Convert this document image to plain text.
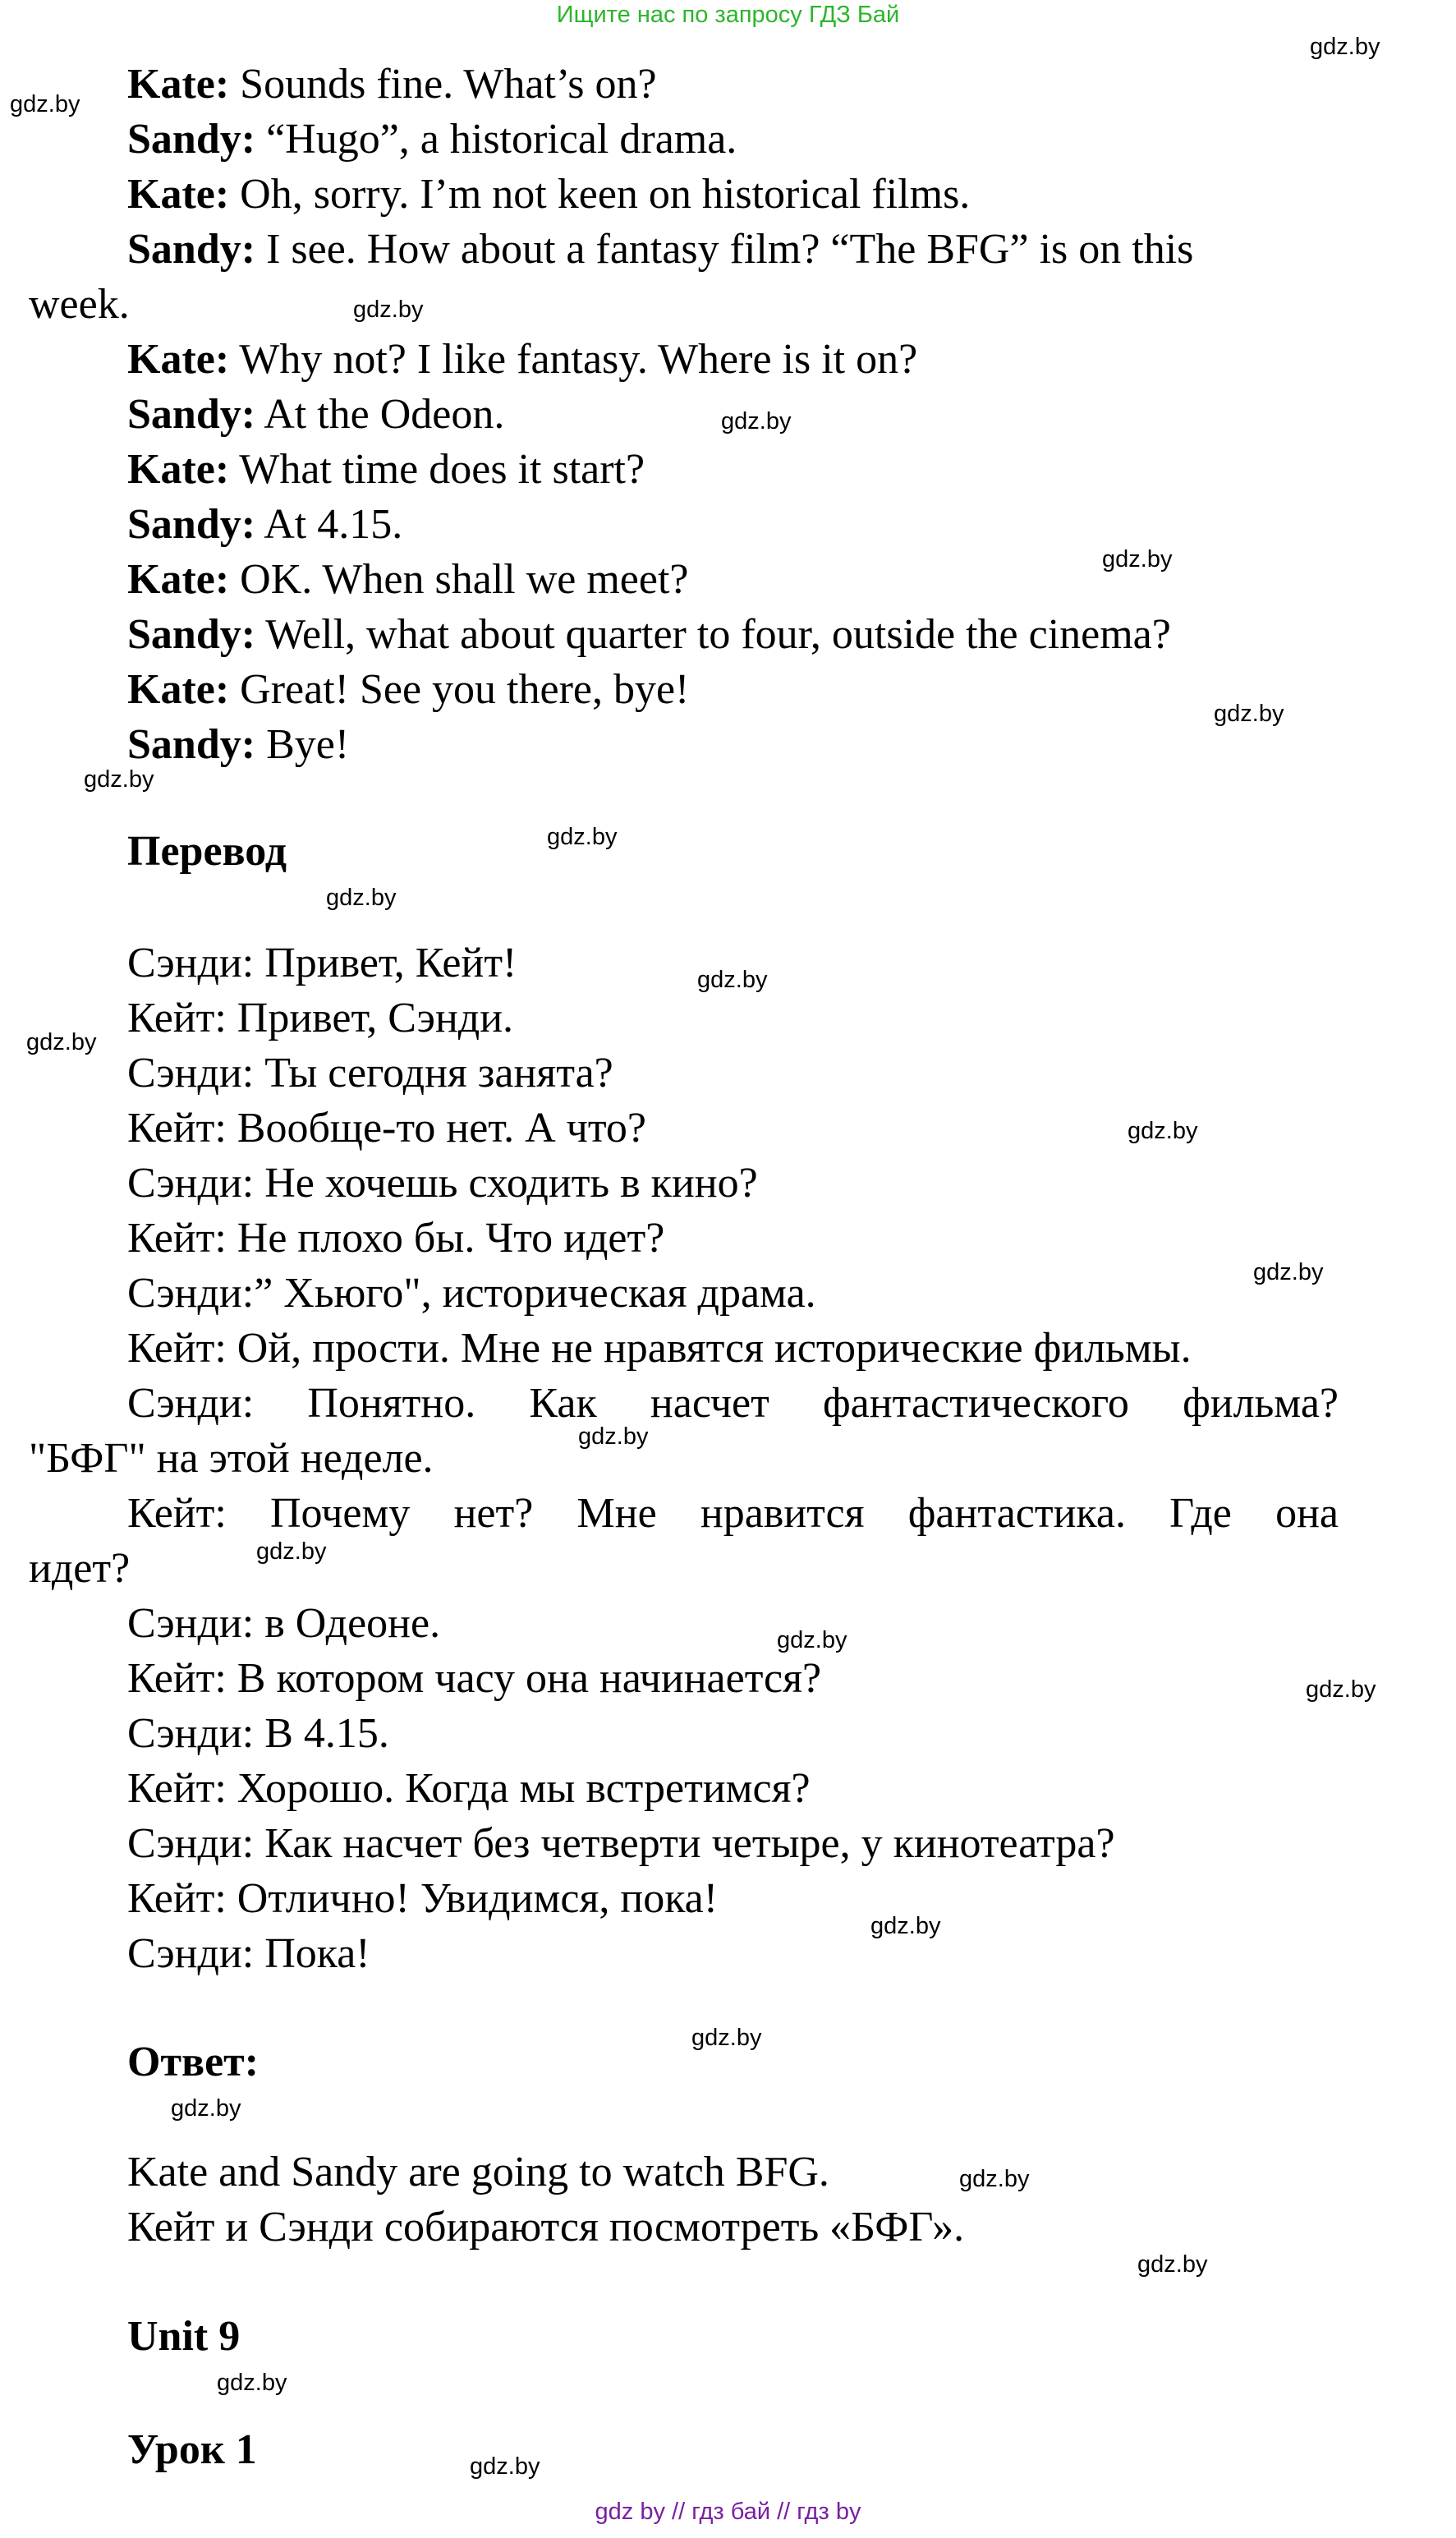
Ищите нас по запросу ГДЗ Бай
Kate: Sounds fine. What’s on?
Sandy: “Hugo”, a historical drama.
Kate: Oh, sorry. I’m not keen on historical films.
Sandy: I see. How about a fantasy film? “The BFG” is on this
week.
Kate: Why not? I like fantasy. Where is it on?
Sandy: At the Odeon.
Kate: What time does it start?
Sandy: At 4.15.
Kate: OK. When shall we meet?
Sandy: Well, what about quarter to four, outside the cinema?
Kate: Great! See you there, bye!
Sandy: Bye!
Перевод
Сэнди: Привет, Кейт!
Кейт: Привет, Сэнди.
Сэнди: Ты сегодня занята?
Кейт: Вообще-то нет. А что?
Сэнди: Не хочешь сходить в кино?
Кейт: Не плохо бы. Что идет?
Сэнди:” Хьюго", историческая драма.
Кейт: Ой, прости. Мне не нравятся исторические фильмы.
Сэнди: Понятно. Как насчет фантастического фильма?
"БФГ" на этой неделе.
Кейт: Почему нет? Мне нравится фантастика. Где она
идет?
Сэнди: в Одеоне.
Кейт: В котором часу она начинается?
Сэнди: В 4.15.
Кейт: Хорошо. Когда мы встретимся?
Сэнди: Как насчет без четверти четыре, у кинотеатра?
Кейт: Отлично! Увидимся, пока!
Сэнди: Пока!
Ответ:
Kate and Sandy are going to watch BFG.
Кейт и Сэнди собираются посмотреть «БФГ».
Unit 9
Урок 1
gdz.by
gdz.by
gdz.by
gdz.by
gdz.by
gdz.by
gdz.by
gdz.by
gdz.by
gdz.by
gdz.by
gdz.by
gdz.by
gdz.by
gdz.by
gdz.by
gdz.by
gdz.by
gdz.by
gdz.by
gdz.by
gdz.by
gdz.by
gdz.by
gdz by // гдз бай // гдз by
